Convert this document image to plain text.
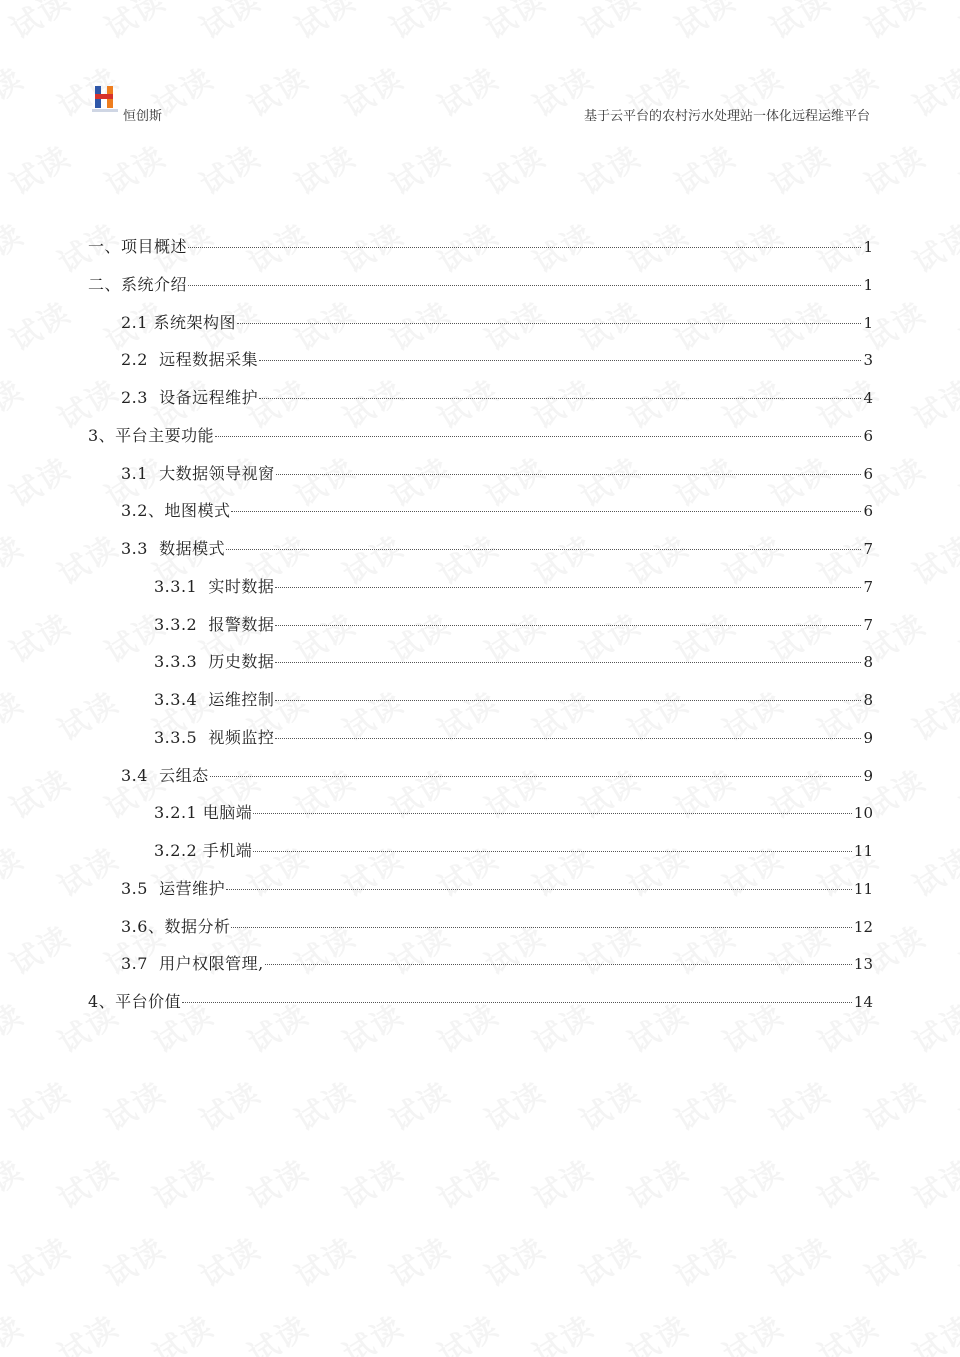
恒创斯	基于云平台的农村污水处理站一体化远程运维平台
一、项目概述	1
二、系统介绍	1
2.1 系统架构图	1
2.2  远程数据采集	3
2.3  设备远程维护	4
3、平台主要功能	6
3.1  大数据领导视窗	6
3.2、地图模式	6
3.3  数据模式	7
3.3.1  实时数据	7
3.3.2  报警数据	7
3.3.3  历史数据	8
3.3.4  运维控制	8
3.3.5  视频监控	9
3.4  云组态	9
3.2.1 电脑端	10
3.2.2 手机端	11
3.5  运营维护	11
3.6、数据分析	12
3.7  用户权限管理,	13
4、平台价值	14
